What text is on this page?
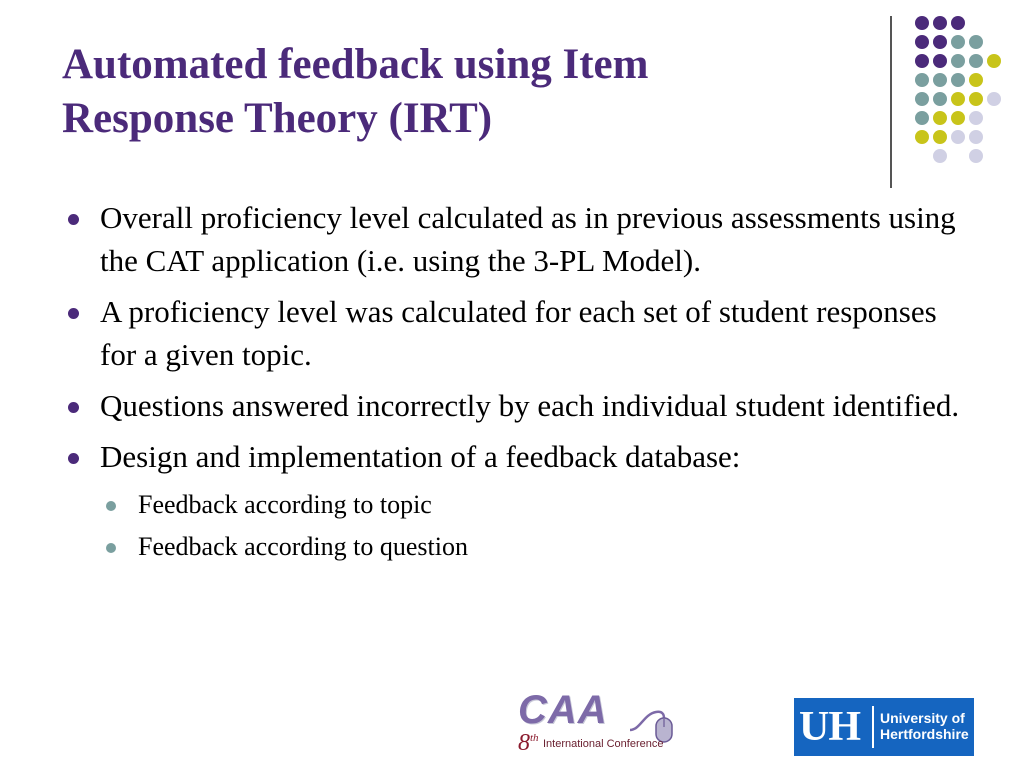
Automated feedback using Item
Response Theory (IRT)
Overall proficiency level calculated as in previous assessments using the CAT application (i.e. using the 3-PL Model).
A proficiency level was calculated for each set of student responses for a given topic.
Questions answered incorrectly by each individual student identified.
Design and implementation of a feedback database:
Feedback according to topic
Feedback according to question
CAA
8th International Conference	UH University of
Hertfordshire
